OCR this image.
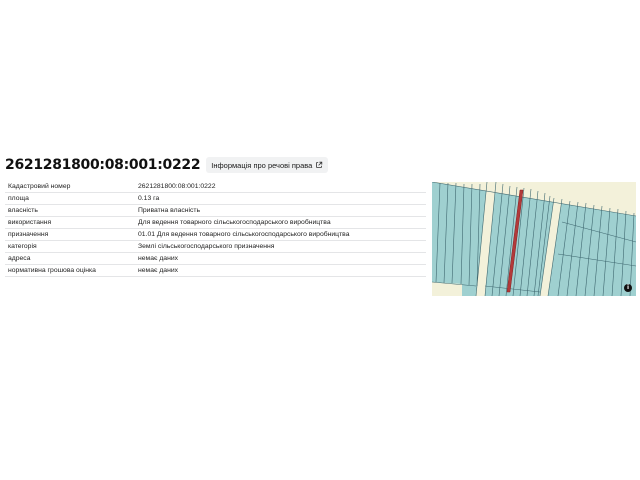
2621281800:08:001:0222 Інформація про речові права
Кадастровий номер	2621281800:08:001:0222
площа	0.13 га
власність	Приватна власність
використання	Для ведення товарного сільськогосподарського виробництва
призначення	01.01 Для ведення товарного сільськогосподарського виробництва
категорія	Землі сільськогосподарського призначення
адреса	немає даних
нормативна грошова оцінка	немає даних
i
